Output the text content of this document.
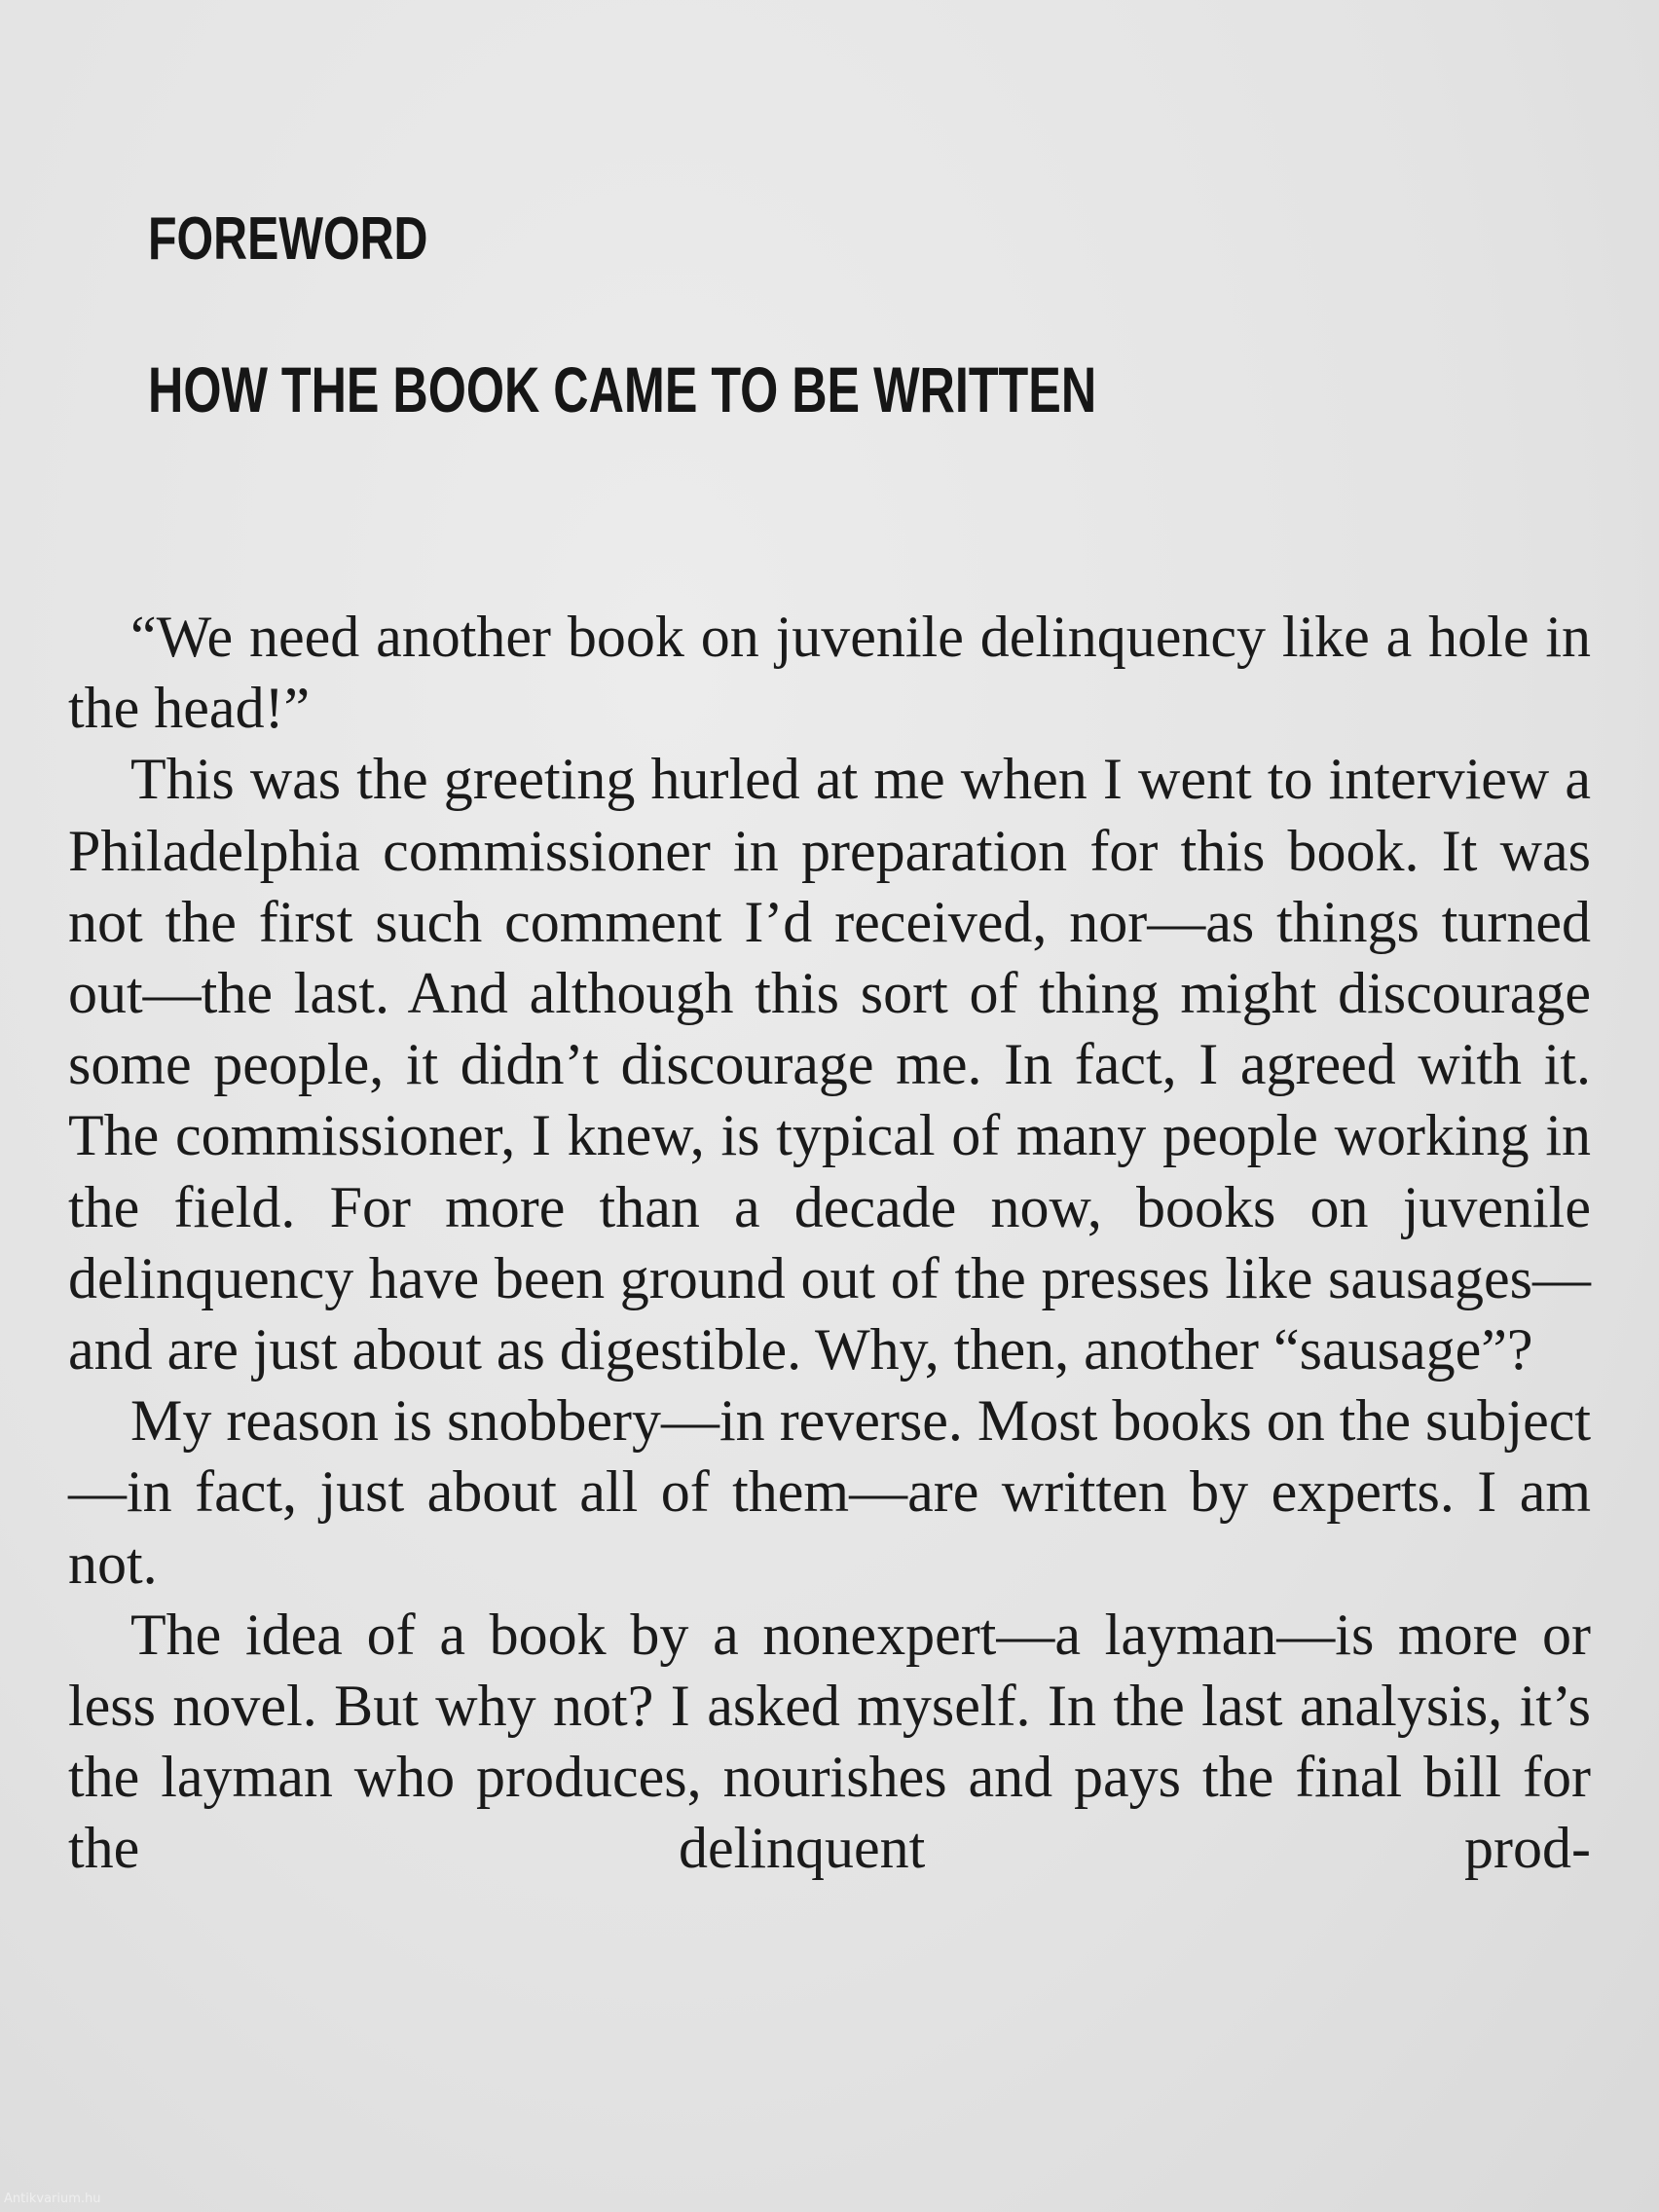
FOREWORD
HOW THE BOOK CAME TO BE WRITTEN

“We need another book on juvenile delinquency like a hole in the head!”

This was the greeting hurled at me when I went to interview a Philadelphia commissioner in preparation for this book. It was not the first such comment I’d received, nor—as things turned out—the last. And although this sort of thing might discourage some people, it didn’t discourage me. In fact, I agreed with it. The commissioner, I knew, is typical of many people working in the field. For more than a decade now, books on juvenile delinquency have been ground out of the presses like sausages—and are just about as digestible. Why, then, another “sausage”?

My reason is snobbery—in reverse. Most books on the subject—in fact, just about all of them—are written by experts. I am not.

The idea of a book by a nonexpert—a layman—is more or less novel. But why not? I asked myself. In the last analysis, it’s the layman who produces, nourishes and pays the final bill for the delinquent prod-

Antikvarium.hu
